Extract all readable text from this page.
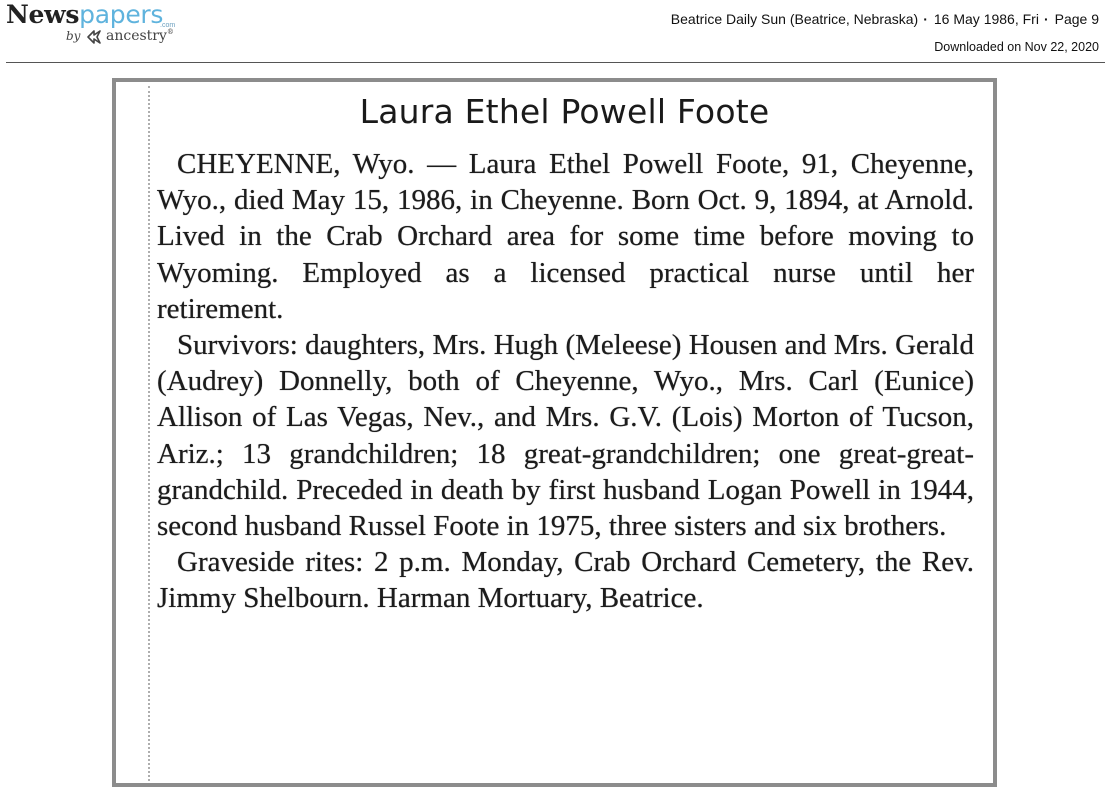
Newspapers
.com
by ancestry®
Beatrice Daily Sun (Beatrice, Nebraska) · 16 May 1986, Fri · Page 9
Downloaded on Nov 22, 2020
Laura Ethel Powell Foote

CHEYENNE, Wyo. — Laura Ethel Powell Foote, 91, Cheyenne, Wyo., died May 15, 1986, in Cheyenne. Born Oct. 9, 1894, at Arnold. Lived in the Crab Orchard area for some time before moving to Wyoming. Employed as a licensed practical nurse until her retirement.

Survivors: daughters, Mrs. Hugh (Meleese) Housen and Mrs. Gerald (Audrey) Donnelly, both of Cheyenne, Wyo., Mrs. Carl (Eunice) Allison of Las Vegas, Nev., and Mrs. G.V. (Lois) Morton of Tucson, Ariz.; 13 grandchildren; 18 great-grandchildren; one great-great-grandchild. Preceded in death by first husband Logan Powell in 1944, second husband Russel Foote in 1975, three sisters and six brothers.

Graveside rites: 2 p.m. Monday, Crab Orchard Cemetery, the Rev. Jimmy Shelbourn. Harman Mortuary, Beatrice.
